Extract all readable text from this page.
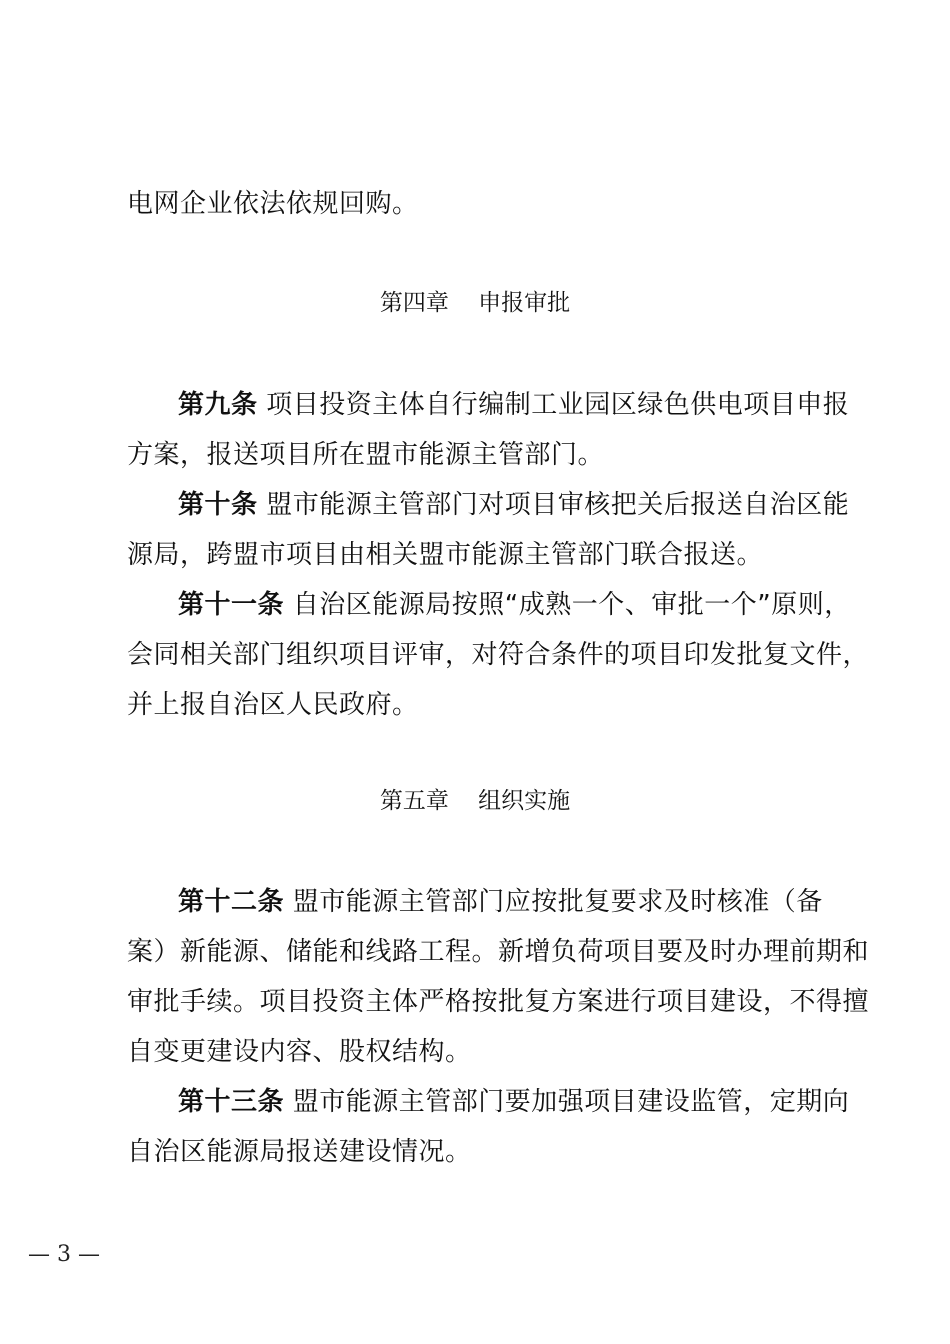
电网企业依法依规回购。
第四章 申报审批
第九条 项目投资主体自行编制工业园区绿色供电项目申报
方案，报送项目所在盟市能源主管部门。
第十条 盟市能源主管部门对项目审核把关后报送自治区能
源局，跨盟市项目由相关盟市能源主管部门联合报送。
第十一条 自治区能源局按照“成熟一个、审批一个”原则，
会同相关部门组织项目评审，对符合条件的项目印发批复文件，
并上报自治区人民政府。
第五章 组织实施
第十二条 盟市能源主管部门应按批复要求及时核准（备
案）新能源、储能和线路工程。新增负荷项目要及时办理前期和
审批手续。项目投资主体严格按批复方案进行项目建设，不得擅
自变更建设内容、股权结构。
第十三条 盟市能源主管部门要加强项目建设监管，定期向
自治区能源局报送建设情况。
— 3 —
